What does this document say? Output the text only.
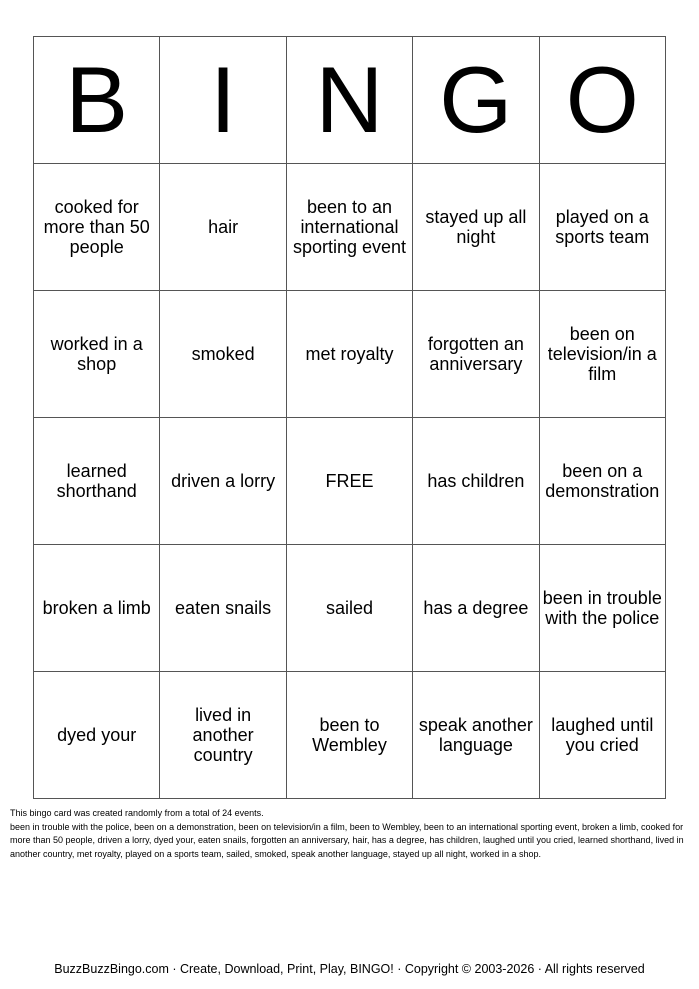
B	I	N	G	O
cooked for more than 50 people	hair	been to an international sporting event	stayed up all night	played on a sports team
worked in a shop	smoked	met royalty	forgotten an anniversary	been on television/in a film
learned shorthand	driven a lorry	FREE	has children	been on a demonstration
broken a limb	eaten snails	sailed	has a degree	been in trouble with the police
dyed your	lived in another country	been to Wembley	speak another language	laughed until you cried

This bingo card was created randomly from a total of 24 events.

been in trouble with the police, been on a demonstration, been on television/in a film, been to Wembley, been to an international sporting event, broken a limb, cooked for more than 50 people, driven a lorry, dyed your, eaten snails, forgotten an anniversary, hair, has a degree, has children, laughed until you cried, learned shorthand, lived in another country, met royalty, played on a sports team, sailed, smoked, speak another language, stayed up all night, worked in a shop.

BuzzBuzzBingo.com · Create, Download, Print, Play, BINGO! · Copyright © 2003-2026 · All rights reserved
